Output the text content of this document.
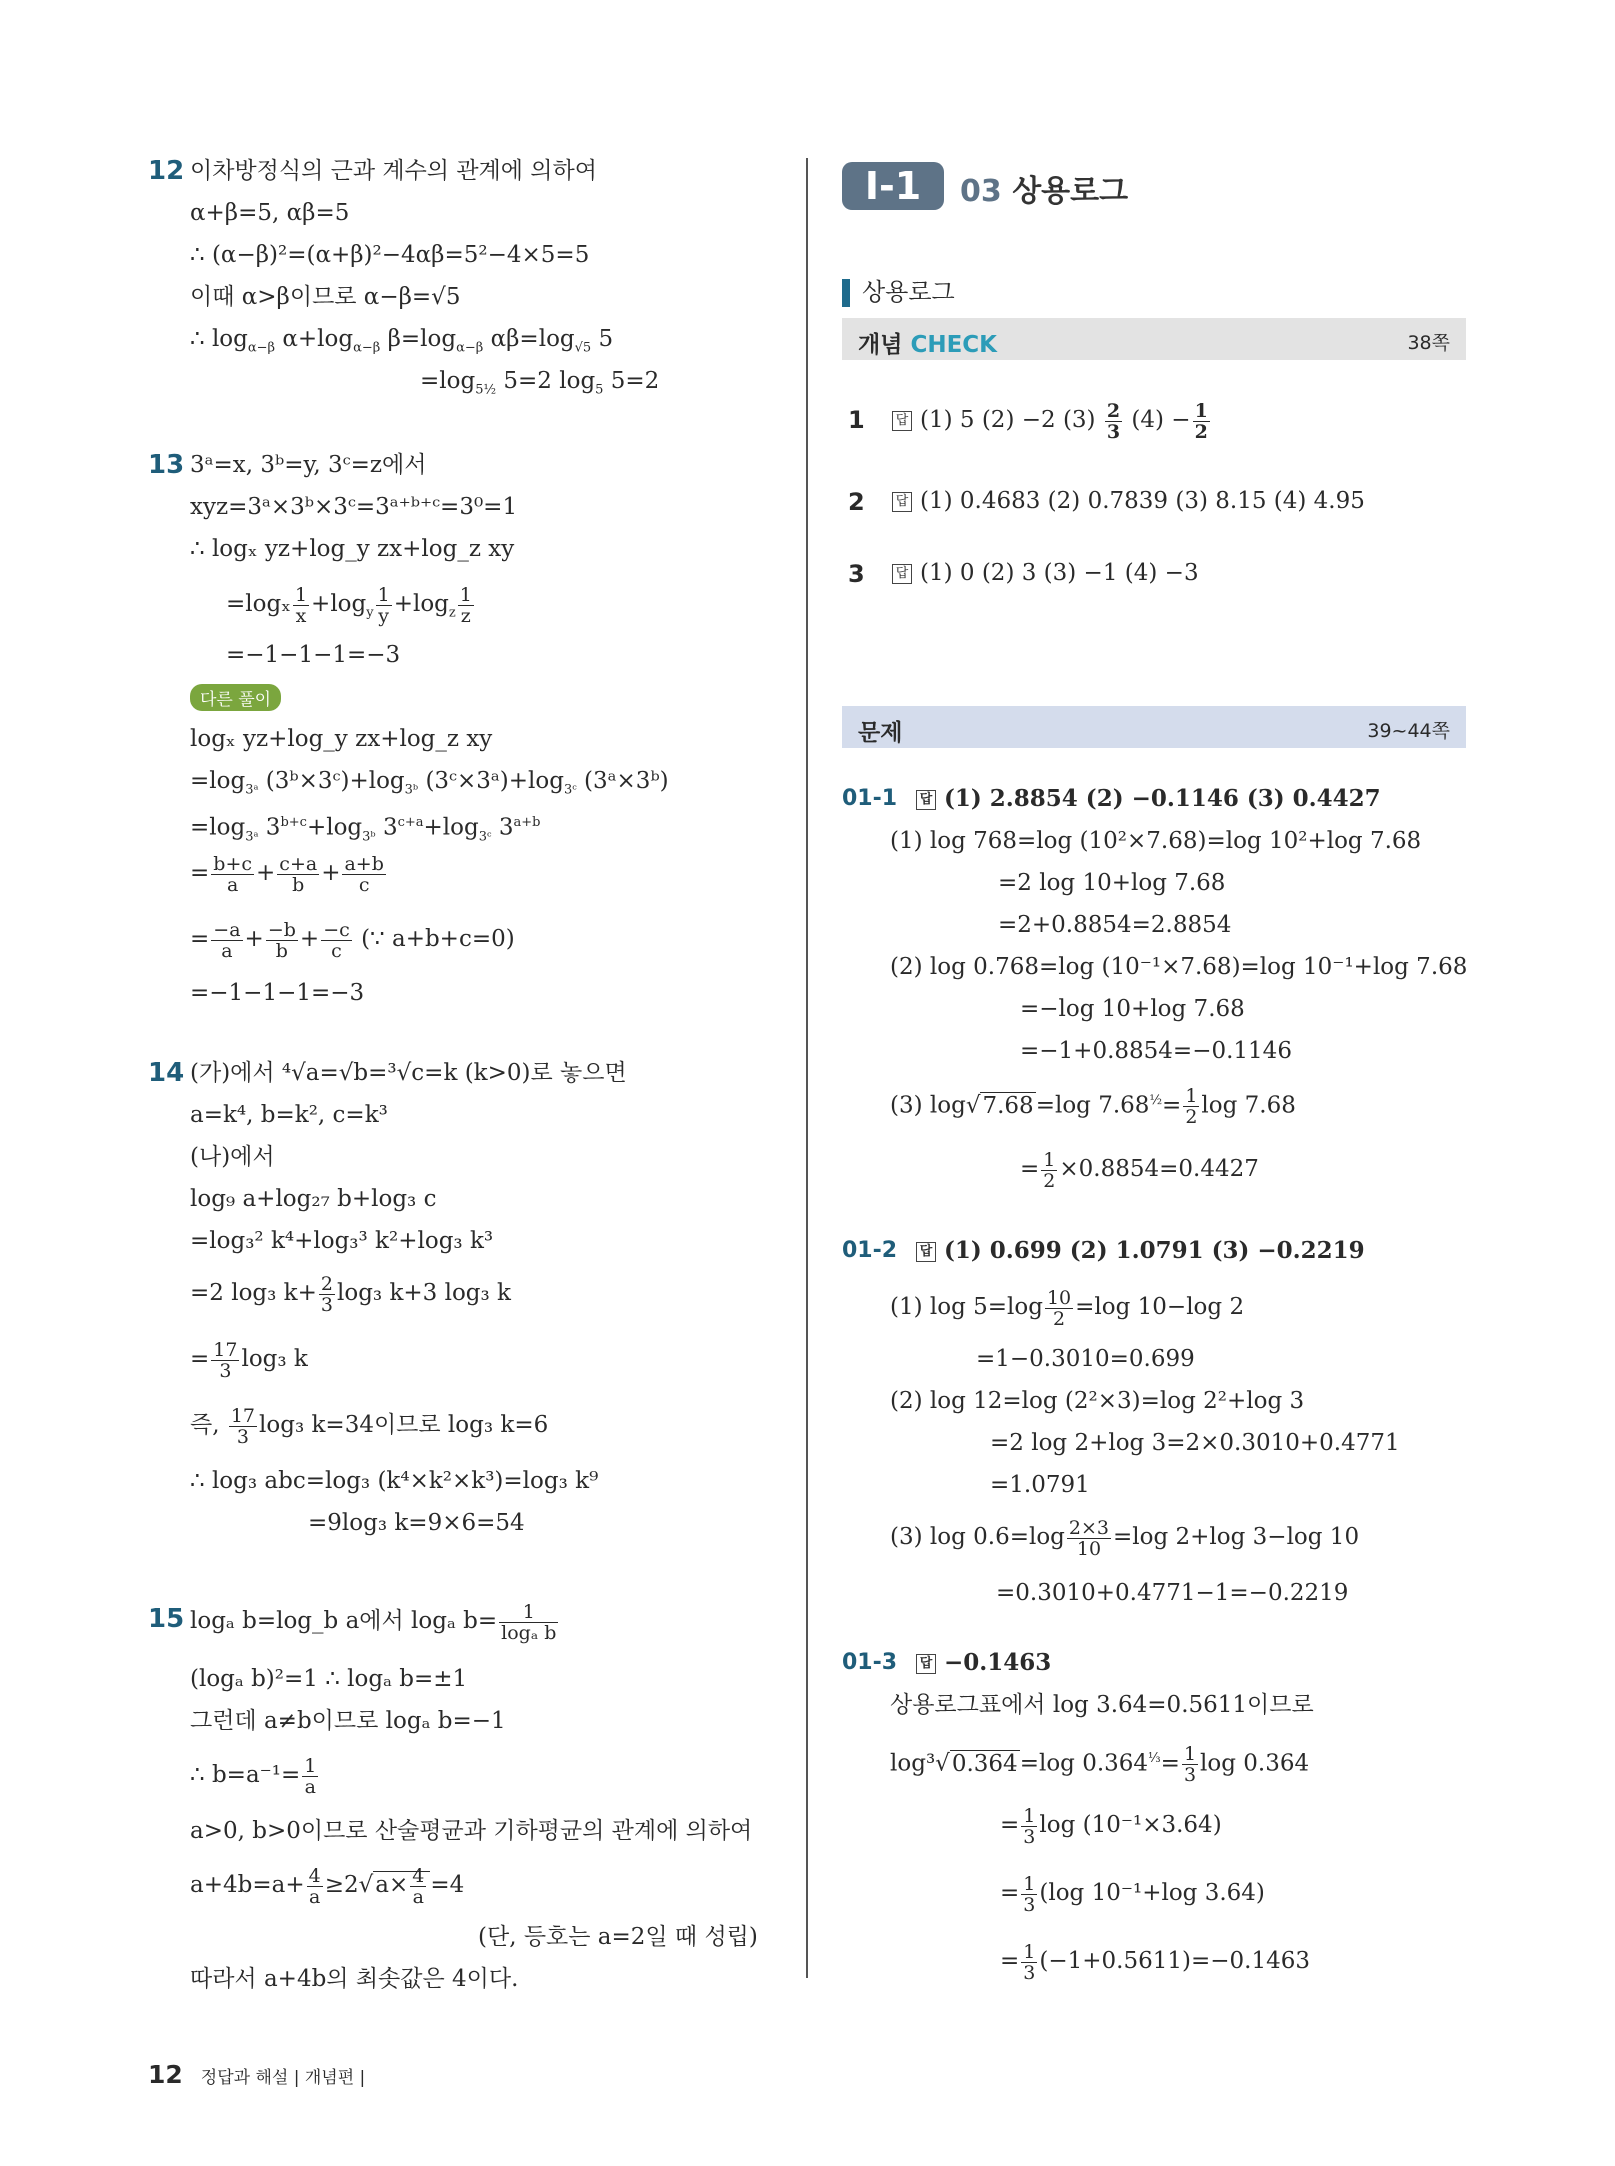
12 이차방정식의 근과 계수의 관계에 의하여
α+β=5, αβ=5
∴ (α−β)²=(α+β)²−4αβ=5²−4×5=5
이때 α>β이므로 α−β=√5
∴ $\log_{\alpha-\beta} \alpha+\log_{\alpha-\beta}$ $\beta=\log_{\alpha-\beta}$ $\alpha\beta=\log_{√5}$ 5
$=\log_{5\frac{1}{2}}$ 5=2 $\log_5 5=2$
13 3ᵃ=x, 3ᵇ=y, 3ᶜ=z에서
xyz=3ᵃ×3ᵇ×3ᶜ=3ᵃ⁺ᵇ⁺ᶜ=3⁰=1
∴ logₓ yz+log_y zx+log_z xy
$=\log_x \frac{1}{x} +\log_y \frac{1}{y} +\log_z \frac{1}{z}$
=−1−1−1=−3
다른 풀이
logₓ yz+log_y zx+log_z xy
$=\log_{3ᵃ}$ $(3ᵇ\times 3ᶜ)+\log_{3ᵇ}$ $(3ᶜ\times 3ᵃ)+\log_{3ᶜ}$ (3ᵃ×3ᵇ)
$=\log_{3ᵃ}$ $3^{b+c}+\log_{3ᵇ}$ $3^{c+a}+\log_{3ᶜ}$ $3^{a+b}$
= $\frac{b+c}{a} + \frac{c+a}{b} + \frac{a+b}{c}$
= $\frac{-a}{a} + \frac{-b}{b} + \frac{-c}{c}$ (∵ a+b+c=0)
=−1−1−1=−3
14 (가)에서 ⁴√a=√b=³√c=k (k>0)로 놓으면
a=k⁴, b=k², c=k³
(나)에서
log₉ a+log₂₇ b+log₃ c
=log₃² k⁴+log₃³ k²+log₃ k³
=2 log₃ $k+ \frac{2}{3} \log_3$ k+3 log₃ k
= $\frac{17}{3} \log_3$ k
즉, $\frac{17}{3} \log_3$ k=34이므로 log₃ k=6
∴ log₃ abc=log₃ (k⁴×k²×k³)=log₃ k⁹
=9log₃ k=9×6=54
15 logₐ b=log_b a에서 logₐ $b= \frac{1}{\text{logₐ b}}$
(logₐ b)²=1 ∴ logₐ b=±1
그런데 a≠b이므로 logₐ b=−1
∴ $b=a^{-1}= \frac{1}{a}$
a>0, b>0이므로 산술평균과 기하평균의 관계에 의하여
$a+4b=a+ \frac{4}{a} \ge 2√a\times \frac{4}{a} =4$
(단, 등호는 a=2일 때 성립)
따라서 a+4b의 최솟값은 4이다.
Ⅰ-1	03 상용로그
상용로그
개념 CHECK	38쪽
1 답 (1) 5 (2) −2 $(3) \frac{2}{3} (4) - \frac{1}{2}$
2 답 (1) 0.4683 (2) 0.7839 (3) 8.15 (4) 4.95
3 답 (1) 0 (2) 3 (3) −1 (4) −3
문제	39~44쪽
01-1 답 (1) 2.8854 (2) −0.1146 (3) 0.4427
(1) log 768=log (10²×7.68)=log 10²+log 7.68
=2 log 10+log 7.68
=2+0.8854=2.8854
(2) log 0.768=log (10⁻¹×7.68)=log 10⁻¹+log 7.68
=−log 10+log 7.68
=−1+0.8854=−0.1146
(3) log√7.68=log $7.68^{\frac{1}{2}}= \frac{1}{2}$ log 7.68
= $\frac{1}{2} \times 0.8854=0.4427$
01-2 답 (1) 0.699 (2) 1.0791 (3) −0.2219
(1) $\log 5=\log \frac{10}{2} =\log$ 10−log 2
=1−0.3010=0.699
(2) log 12=log (2²×3)=log 2²+log 3
=2 log 2+log 3=2×0.3010+0.4771
=1.0791
(3) $\log 0.6=\log \frac{2\times 3}{10} =\log$ 2+log 3−log 10
=0.3010+0.4771−1=−0.2219
01-3 답 −0.1463
상용로그표에서 log 3.64=0.5611이므로
log³√0.364=log $0.364^{\frac{1}{3}}= \frac{1}{3}$ log 0.364
= $\frac{1}{3}$ log (10⁻¹×3.64)
= $\frac{1}{3} (\log$ 10⁻¹+log 3.64)
= $\frac{1}{3} (-1+0.5611)=-0.1463$
12 정답과 해설 | 개념편 |
